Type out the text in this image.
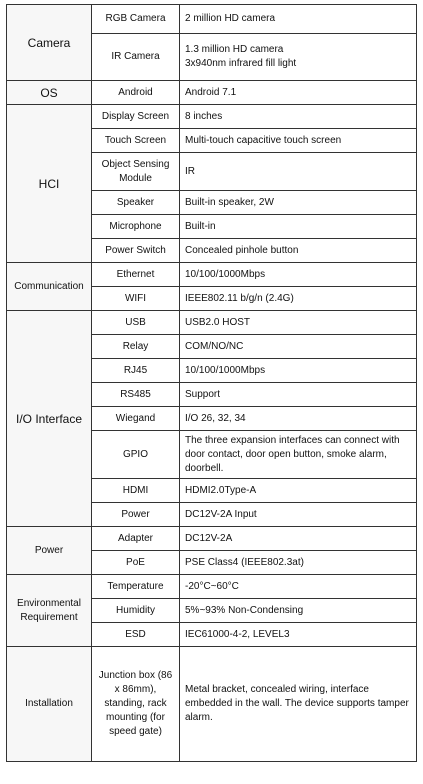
Camera	RGB Camera	2 million HD camera
	IR Camera	1.3 million HD camera
3x940nm infrared fill light
OS	Android	Android 7.1
HCI	Display Screen	8 inches
	Touch Screen	Multi-touch capacitive touch screen
	Object Sensing Module	IR
	Speaker	Built-in speaker, 2W
	Microphone	Built-in
	Power Switch	Concealed pinhole button
Communication	Ethernet	10/100/1000Mbps
	WIFI	IEEE802.11 b/g/n (2.4G)
I/O Interface	USB	USB2.0 HOST
	Relay	COM/NO/NC
	RJ45	10/100/1000Mbps
	RS485	Support
	Wiegand	I/O 26, 32, 34
	GPIO	The three expansion interfaces can connect with door contact, door open button, smoke alarm, doorbell.
	HDMI	HDMI2.0Type-A
	Power	DC12V-2A Input
Power	Adapter	DC12V-2A
	PoE	PSE Class4 (IEEE802.3at)
Environmental Requirement	Temperature	-20°C~60°C
	Humidity	5%~93% Non-Condensing
	ESD	IEC61000-4-2, LEVEL3
Installation	Junction box (86 x 86mm), standing, rack mounting (for speed gate)	Metal bracket, concealed wiring, interface embedded in the wall. The device supports tamper alarm.
